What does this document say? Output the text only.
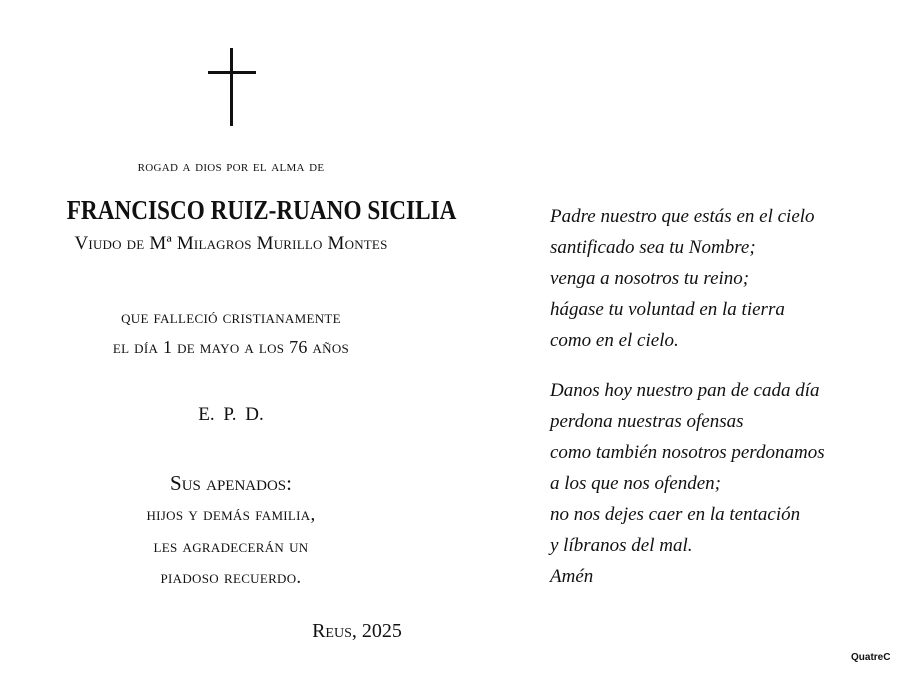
rogad a dios por el alma de
FRANCISCO RUIZ-RUANO SICILIA
Viudo de Mª Milagros Murillo Montes
que falleció cristianamente
el día 1 de mayo a los 76 años
E. P. D.
Sus apenados:
hijos y demás familia,
les agradecerán un
piadoso recuerdo.
Reus, 2025
Padre nuestro que estás en el cielo
santificado sea tu Nombre;
venga a nosotros tu reino;
hágase tu voluntad en la tierra
como en el cielo.
Danos hoy nuestro pan de cada día
perdona nuestras ofensas
como también nosotros perdonamos
a los que nos ofenden;
no nos dejes caer en la tentación
y líbranos del mal.
Amén
QuatreC
